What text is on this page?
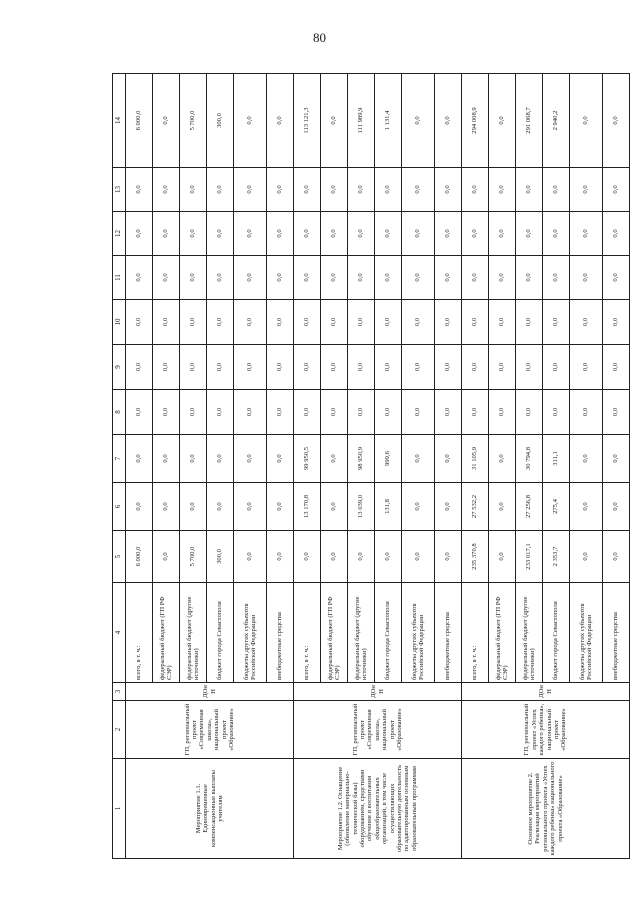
80
1	2	3	4	5	6	7	8	9	10	11	12	13	14
Мероприятие 1.1. Единовременные компенсационные выплаты учителям	ГП, региональный проект «Современная школа», национальный проект «Образование»	ДОиН	всего, в т. ч.:	6 000,0	0,0	0,0	0,0	0,0	0,0	0,0	0,0	0,0	6 000,0
			федеральный бюджет (ГП РФ СЭР)	0,0	0,0	0,0	0,0	0,0	0,0	0,0	0,0	0,0	0,0
			федеральный бюджет (другие источники)	5 700,0	0,0	0,0	0,0	0,0	0,0	0,0	0,0	0,0	5 700,0
			бюджет города Севастополя	300,0	0,0	0,0	0,0	0,0	0,0	0,0	0,0	0,0	300,0
			бюджеты других субъектов Российской Федерации	0,0	0,0	0,0	0,0	0,0	0,0	0,0	0,0	0,0	0,0
			внебюджетные средства	0,0	0,0	0,0	0,0	0,0	0,0	0,0	0,0	0,0	0,0
Мероприятие 1.2. Оснащение (обновление материально-технической базы) оборудованием, средствами обучения и воспитания общеобразовательных организаций, в том числе осуществляющих образовательную деятельность по адаптированным основным образовательным программам	ГП, региональный проект «Современная школа», национальный проект «Образование»	ДОиН	всего, в т. ч.:	0,0	13 170,8	99 950,5	0,0	0,0	0,0	0,0	0,0	0,0	113 121,3
			федеральный бюджет (ГП РФ СЭР)	0,0	0,0	0,0	0,0	0,0	0,0	0,0	0,0	0,0	0,0
			федеральный бюджет (другие источники)	0,0	13 039,0	98 950,9	0,0	0,0	0,0	0,0	0,0	0,0	111 989,9
			бюджет города Севастополя	0,0	131,8	999,6	0,0	0,0	0,0	0,0	0,0	0,0	1 131,4
			бюджеты других субъектов Российской Федерации	0,0	0,0	0,0	0,0	0,0	0,0	0,0	0,0	0,0	0,0
			внебюджетные средства	0,0	0,0	0,0	0,0	0,0	0,0	0,0	0,0	0,0	0,0
Основное мероприятие 2. Реализация мероприятий регионального проекта «Успех каждого ребенка» национального проекта «Образование»	ГП, региональный проект «Успех каждого ребенка», национальный проект «Образование»	ДОиН	всего, в т. ч.:	235 370,8	27 532,2	31 105,9	0,0	0,0	0,0	0,0	0,0	0,0	294 008,9
			федеральный бюджет (ГП РФ СЭР)	0,0	0,0	0,0	0,0	0,0	0,0	0,0	0,0	0,0	0,0
			федеральный бюджет (другие источники)	233 017,1	27 256,8	30 794,8	0,0	0,0	0,0	0,0	0,0	0,0	291 068,7
			бюджет города Севастополя	2 353,7	275,4	311,1	0,0	0,0	0,0	0,0	0,0	0,0	2 940,2
			бюджеты других субъектов Российской Федерации	0,0	0,0	0,0	0,0	0,0	0,0	0,0	0,0	0,0	0,0
			внебюджетные средства	0,0	0,0	0,0	0,0	0,0	0,0	0,0	0,0	0,0	0,0
